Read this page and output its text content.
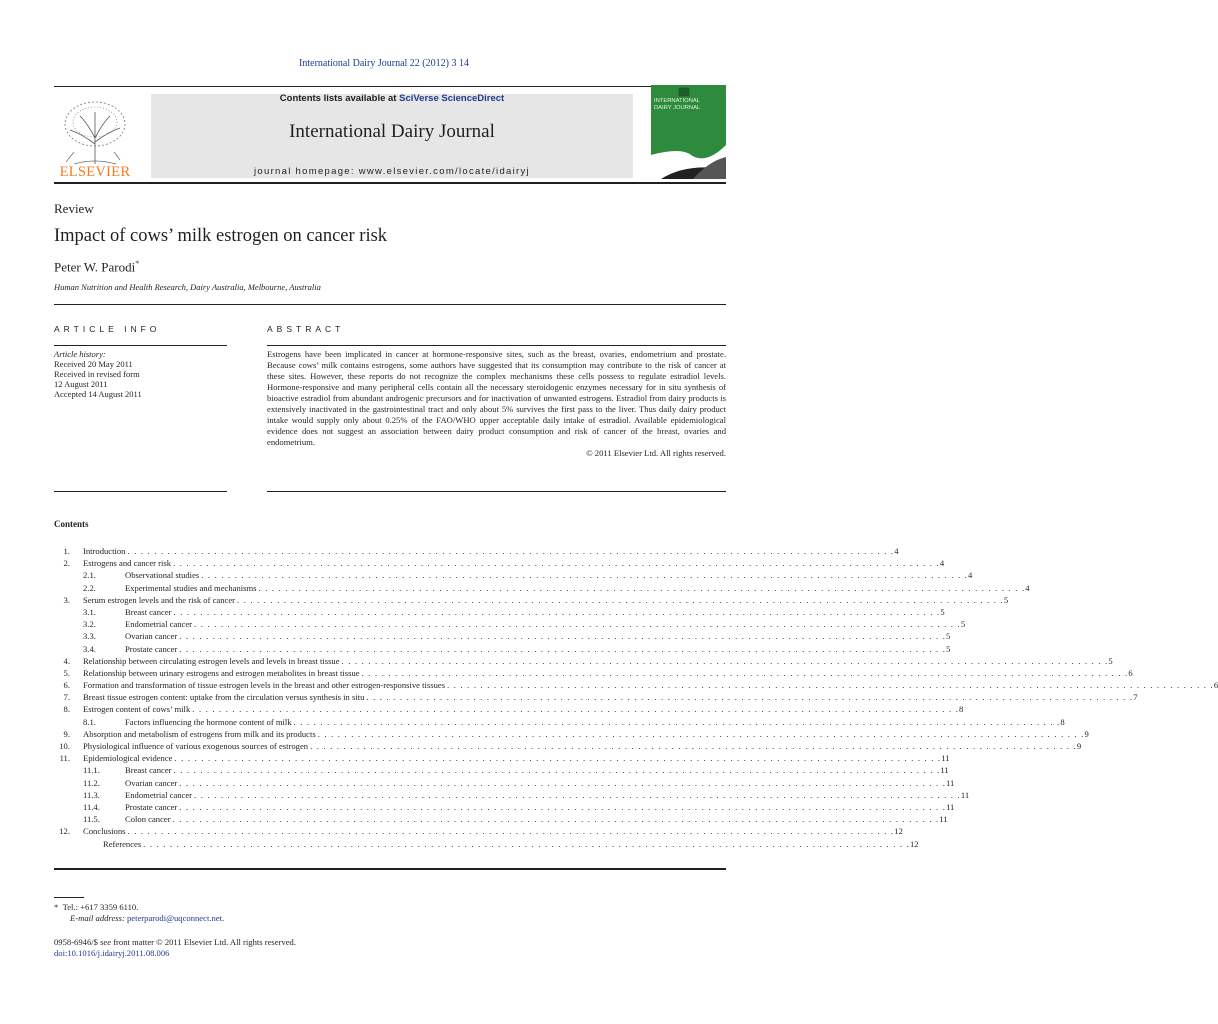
International Dairy Journal 22 (2012) 3 14
ELSEVIER
Contents lists available at SciVerse ScienceDirect
International Dairy Journal
journal homepage: www.elsevier.com/locate/idairyj
INTERNATIONAL DAIRY JOURNAL
Review
Impact of cows’ milk estrogen on cancer risk
Peter W. Parodi*
Human Nutrition and Health Research, Dairy Australia, Melbourne, Australia
ARTICLE INFO
Article history:
Received 20 May 2011
Received in revised form
12 August 2011
Accepted 14 August 2011
ABSTRACT
Estrogens have been implicated in cancer at hormone-responsive sites, such as the breast, ovaries, endometrium and prostate. Because cows’ milk contains estrogens, some authors have suggested that its consumption may contribute to the risk of cancer at these sites. However, these reports do not recognize the complex mechanisms these cells possess to regulate estradiol levels. Hormone-responsive and many peripheral cells contain all the necessary steroidogenic enzymes necessary for in situ synthesis of bioactive estradiol from abundant androgenic precursors and for inactivation of unwanted estrogens. Estradiol from dairy products is extensively inactivated in the gastrointestinal tract and only about 5% survives the first pass to the liver. Thus daily dairy product intake would supply only about 0.25% of the FAO/WHO upper acceptable daily intake of estradiol. Available epidemiological evidence does not suggest an association between dairy product consumption and risk of cancer of the breast, ovaries and endometrium.
© 2011 Elsevier Ltd. All rights reserved.
Contents
1. Introduction . . . . . . . . . . . . . . . . . . . . . . . . . . . . . . . . . . . . . . . . . . . . . . . . . . . . . . . . . . . . . . . . . . . . . . . . . . . . . . . . . . . . . . . . . . . . . . . . . . . . . . . . . . . . . . . . . . . 4
2. Estrogens and cancer risk . . . . . . . . . . . . . . . . . . . . . . . . . . . . . . . . . . . . . . . . . . . . . . . . . . . . . . . . . . . . . . . . . . . . . . . . . . . . . . . . . . . . . . . . . . . . . . . . . . . . . . . . . . . . . . . . . . . 4
2.1.	Observational studies . . . . . . . . . . . . . . . . . . . . . . . . . . . . . . . . . . . . . . . . . . . . . . . . . . . . . . . . . . . . . . . . . . . . . . . . . . . . . . . . . . . . . . . . . . . . . . . . . . . . . . . . . . . . . . . . . . . 4
2.2.	Experimental studies and mechanisms . . . . . . . . . . . . . . . . . . . . . . . . . . . . . . . . . . . . . . . . . . . . . . . . . . . . . . . . . . . . . . . . . . . . . . . . . . . . . . . . . . . . . . . . . . . . . . . . . . . . . . . . . . . . . . . . . . . 4
3. Serum estrogen levels and the risk of cancer . . . . . . . . . . . . . . . . . . . . . . . . . . . . . . . . . . . . . . . . . . . . . . . . . . . . . . . . . . . . . . . . . . . . . . . . . . . . . . . . . . . . . . . . . . . . . . . . . . . . . . . . . . . . . . . . . . . 5
3.1.	Breast cancer . . . . . . . . . . . . . . . . . . . . . . . . . . . . . . . . . . . . . . . . . . . . . . . . . . . . . . . . . . . . . . . . . . . . . . . . . . . . . . . . . . . . . . . . . . . . . . . . . . . . . . . . . . . . . . . . . . . 5
3.2.	Endometrial cancer . . . . . . . . . . . . . . . . . . . . . . . . . . . . . . . . . . . . . . . . . . . . . . . . . . . . . . . . . . . . . . . . . . . . . . . . . . . . . . . . . . . . . . . . . . . . . . . . . . . . . . . . . . . . . . . . . . . 5
3.3.	Ovarian cancer . . . . . . . . . . . . . . . . . . . . . . . . . . . . . . . . . . . . . . . . . . . . . . . . . . . . . . . . . . . . . . . . . . . . . . . . . . . . . . . . . . . . . . . . . . . . . . . . . . . . . . . . . . . . . . . . . . . 5
3.4.	Prostate cancer . . . . . . . . . . . . . . . . . . . . . . . . . . . . . . . . . . . . . . . . . . . . . . . . . . . . . . . . . . . . . . . . . . . . . . . . . . . . . . . . . . . . . . . . . . . . . . . . . . . . . . . . . . . . . . . . . . . 5
4. Relationship between circulating estrogen levels and levels in breast tissue . . . . . . . . . . . . . . . . . . . . . . . . . . . . . . . . . . . . . . . . . . . . . . . . . . . . . . . . . . . . . . . . . . . . . . . . . . . . . . . . . . . . . . . . . . . . . . . . . . . . . . . . . . . . . . . . . . . 5
5. Relationship between urinary estrogens and estrogen metabolites in breast tissue . . . . . . . . . . . . . . . . . . . . . . . . . . . . . . . . . . . . . . . . . . . . . . . . . . . . . . . . . . . . . . . . . . . . . . . . . . . . . . . . . . . . . . . . . . . . . . . . . . . . . . . . . . . . . . . . . . . 6
6. Formation and transformation of tissue estrogen levels in the breast and other estrogen-responsive tissues . . . . . . . . . . . . . . . . . . . . . . . . . . . . . . . . . . . . . . . . . . . . . . . . . . . . . . . . . . . . . . . . . . . . . . . . . . . . . . . . . . . . . . . . . . . . . . . . . . . . . . . . . . . . . . . . . . . 6
7. Breast tissue estrogen content: uptake from the circulation versus synthesis in situ . . . . . . . . . . . . . . . . . . . . . . . . . . . . . . . . . . . . . . . . . . . . . . . . . . . . . . . . . . . . . . . . . . . . . . . . . . . . . . . . . . . . . . . . . . . . . . . . . . . . . . . . . . . . . . . . . . . 7
8. Estrogen content of cows’ milk . . . . . . . . . . . . . . . . . . . . . . . . . . . . . . . . . . . . . . . . . . . . . . . . . . . . . . . . . . . . . . . . . . . . . . . . . . . . . . . . . . . . . . . . . . . . . . . . . . . . . . . . . . . . . . . . . . . 8
8.1.	Factors influencing the hormone content of milk . . . . . . . . . . . . . . . . . . . . . . . . . . . . . . . . . . . . . . . . . . . . . . . . . . . . . . . . . . . . . . . . . . . . . . . . . . . . . . . . . . . . . . . . . . . . . . . . . . . . . . . . . . . . . . . . . . . 8
9. Absorption and metabolism of estrogens from milk and its products . . . . . . . . . . . . . . . . . . . . . . . . . . . . . . . . . . . . . . . . . . . . . . . . . . . . . . . . . . . . . . . . . . . . . . . . . . . . . . . . . . . . . . . . . . . . . . . . . . . . . . . . . . . . . . . . . . . 9
10. Physiological influence of various exogenous sources of estrogen . . . . . . . . . . . . . . . . . . . . . . . . . . . . . . . . . . . . . . . . . . . . . . . . . . . . . . . . . . . . . . . . . . . . . . . . . . . . . . . . . . . . . . . . . . . . . . . . . . . . . . . . . . . . . . . . . . . 9
11. Epidemiological evidence . . . . . . . . . . . . . . . . . . . . . . . . . . . . . . . . . . . . . . . . . . . . . . . . . . . . . . . . . . . . . . . . . . . . . . . . . . . . . . . . . . . . . . . . . . . . . . . . . . . . . . . . . . . . . . . . . . . 11
11.1.	Breast cancer . . . . . . . . . . . . . . . . . . . . . . . . . . . . . . . . . . . . . . . . . . . . . . . . . . . . . . . . . . . . . . . . . . . . . . . . . . . . . . . . . . . . . . . . . . . . . . . . . . . . . . . . . . . . . . . . . . . 11
11.2.	Ovarian cancer . . . . . . . . . . . . . . . . . . . . . . . . . . . . . . . . . . . . . . . . . . . . . . . . . . . . . . . . . . . . . . . . . . . . . . . . . . . . . . . . . . . . . . . . . . . . . . . . . . . . . . . . . . . . . . . . . . . 11
11.3.	Endometrial cancer . . . . . . . . . . . . . . . . . . . . . . . . . . . . . . . . . . . . . . . . . . . . . . . . . . . . . . . . . . . . . . . . . . . . . . . . . . . . . . . . . . . . . . . . . . . . . . . . . . . . . . . . . . . . . . . . . . . 11
11.4.	Prostate cancer . . . . . . . . . . . . . . . . . . . . . . . . . . . . . . . . . . . . . . . . . . . . . . . . . . . . . . . . . . . . . . . . . . . . . . . . . . . . . . . . . . . . . . . . . . . . . . . . . . . . . . . . . . . . . . . . . . . 11
11.5.	Colon cancer . . . . . . . . . . . . . . . . . . . . . . . . . . . . . . . . . . . . . . . . . . . . . . . . . . . . . . . . . . . . . . . . . . . . . . . . . . . . . . . . . . . . . . . . . . . . . . . . . . . . . . . . . . . . . . . . . . . 11
12. Conclusions . . . . . . . . . . . . . . . . . . . . . . . . . . . . . . . . . . . . . . . . . . . . . . . . . . . . . . . . . . . . . . . . . . . . . . . . . . . . . . . . . . . . . . . . . . . . . . . . . . . . . . . . . . . . . . . . . . . 12
References . . . . . . . . . . . . . . . . . . . . . . . . . . . . . . . . . . . . . . . . . . . . . . . . . . . . . . . . . . . . . . . . . . . . . . . . . . . . . . . . . . . . . . . . . . . . . . . . . . . . . . . . . . . . . . . . . . . 12
* Tel.: +617 3359 6110.
E-mail address: peterparodi@uqconnect.net.
0958-6946/$ see front matter © 2011 Elsevier Ltd. All rights reserved.
doi:10.1016/j.idairyj.2011.08.006
